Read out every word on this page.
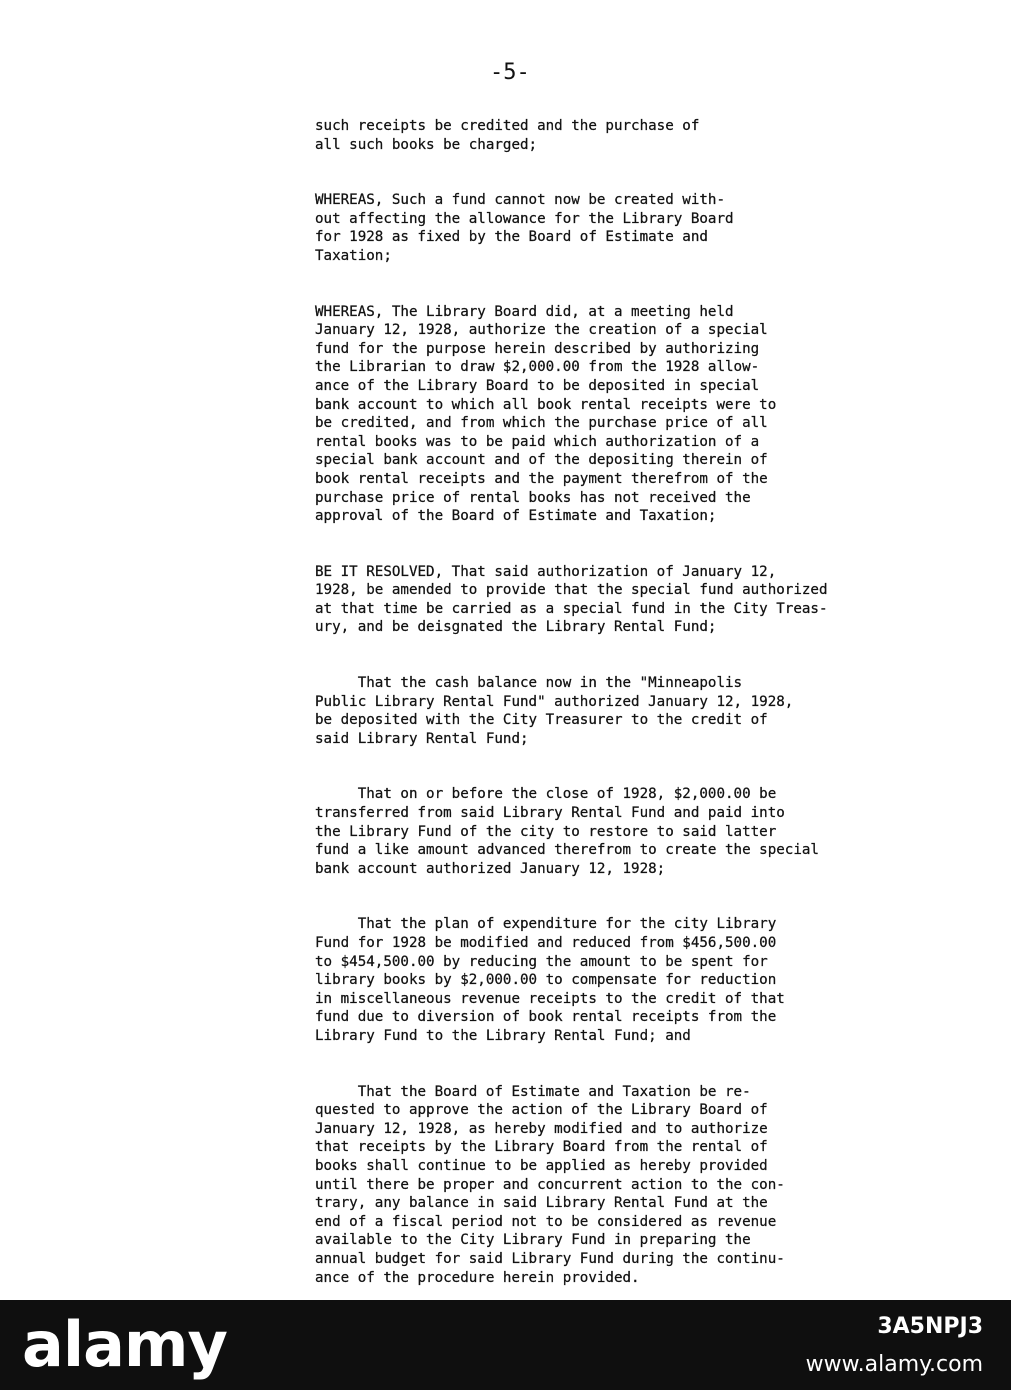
-5-
such receipts be credited and the purchase of
all such books be charged;
WHEREAS, Such a fund cannot now be created with-
out affecting the allowance for the Library Board
for 1928 as fixed by the Board of Estimate and
Taxation;
WHEREAS, The Library Board did, at a meeting held
January 12, 1928, authorize the creation of a special
fund for the purpose herein described by authorizing
the Librarian to draw $2,000.00 from the 1928 allow-
ance of the Library Board to be deposited in special
bank account to which all book rental receipts were to
be credited, and from which the purchase price of all
rental books was to be paid which authorization of a
special bank account and of the depositing therein of
book rental receipts and the payment therefrom of the
purchase price of rental books has not received the
approval of the Board of Estimate and Taxation;
BE IT RESOLVED, That said authorization of January 12,
1928, be amended to provide that the special fund authorized
at that time be carried as a special fund in the City Treas-
ury, and be deisgnated the Library Rental Fund;
That the cash balance now in the "Minneapolis
Public Library Rental Fund" authorized January 12, 1928,
be deposited with the City Treasurer to the credit of
said Library Rental Fund;
That on or before the close of 1928, $2,000.00 be
transferred from said Library Rental Fund and paid into
the Library Fund of the city to restore to said latter
fund a like amount advanced therefrom to create the special
bank account authorized January 12, 1928;
That the plan of expenditure for the city Library
Fund for 1928 be modified and reduced from $456,500.00
to $454,500.00 by reducing the amount to be spent for
library books by $2,000.00 to compensate for reduction
in miscellaneous revenue receipts to the credit of that
fund due to diversion of book rental receipts from the
Library Fund to the Library Rental Fund; and
That the Board of Estimate and Taxation be re-
quested to approve the action of the Library Board of
January 12, 1928, as hereby modified and to authorize
that receipts by the Library Board from the rental of
books shall continue to be applied as hereby provided
until there be proper and concurrent action to the con-
trary, any balance in said Library Rental Fund at the
end of a fiscal period not to be considered as revenue
available to the City Library Fund in preparing the
annual budget for said Library Fund during the continu-
ance of the procedure herein provided.
alamy	3A5NPJ3
www.alamy.com
